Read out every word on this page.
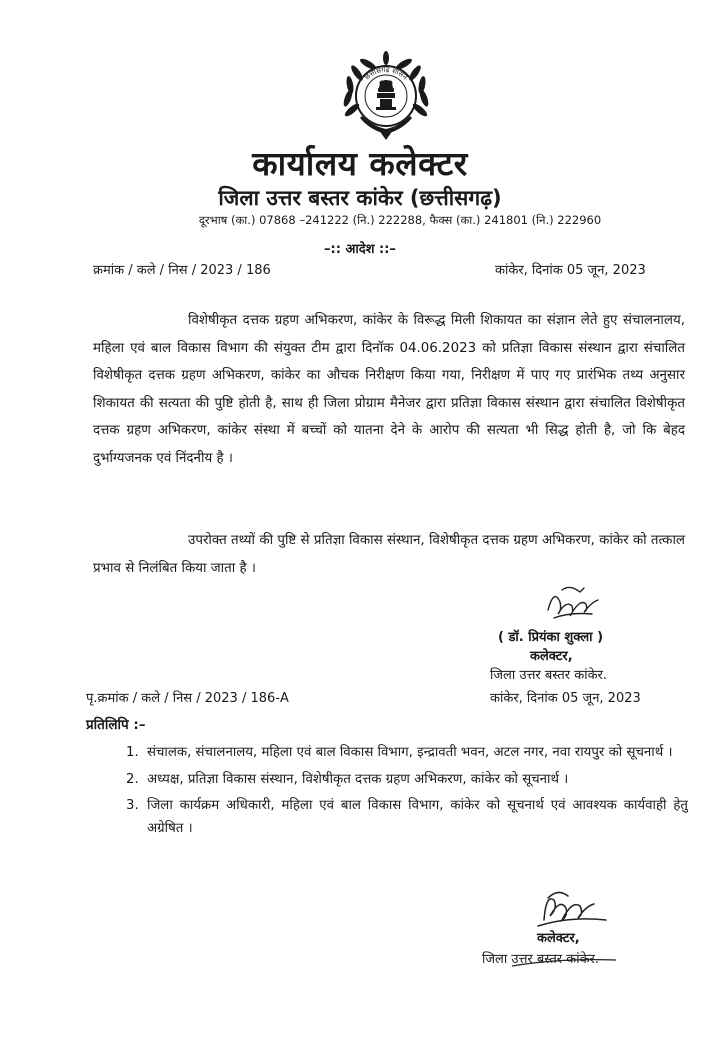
छत्तीसगढ़ शासन
कार्यालय कलेक्टर
जिला उत्तर बस्तर कांकेर (छत्तीसगढ़)
दूरभाष (का.) 07868 –241222 (नि.) 222288, फैक्स (का.) 241801 (नि.) 222960
–:: आदेश ::–
क्रमांक / कले / निस / 2023 / 186	कांकेर, दिनांक 05 जून, 2023
विशेषीकृत दत्तक ग्रहण अभिकरण, कांकेर के विरूद्ध मिली शिकायत का संज्ञान लेते हुए संचालनालय, महिला एवं बाल विकास विभाग की संयुक्त टीम द्वारा दिनॉक 04.06.2023 को प्रतिज्ञा विकास संस्थान द्वारा संचालित विशेषीकृत दत्तक ग्रहण अभिकरण, कांकेर का औचक निरीक्षण किया गया, निरीक्षण में पाए गए प्रारंभिक तथ्य अनुसार शिकायत की सत्यता की पुष्टि होती है, साथ ही जिला प्रोग्राम मैनेजर द्वारा प्रतिज्ञा विकास संस्थान द्वारा संचालित विशेषीकृत दत्तक ग्रहण अभिकरण, कांकेर संस्था में बच्चों को यातना देने के आरोप की सत्यता भी सिद्ध होती है, जो कि बेहद दुर्भाग्यजनक एवं निंदनीय है ।
उपरोक्त तथ्यों की पुष्टि से प्रतिज्ञा विकास संस्थान, विशेषीकृत दत्तक ग्रहण अभिकरण, कांकेर को तत्काल प्रभाव से निलंबित किया जाता है ।
( डॉ. प्रियंका शुक्ला )
कलेक्टर,
जिला उत्तर बस्तर कांकेर.
पृ.क्रमांक / कले / निस / 2023 / 186-A	कांकेर, दिनांक 05 जून, 2023
प्रतिलिपि :–
1. संचालक, संचालनालय, महिला एवं बाल विकास विभाग, इन्द्रावती भवन, अटल नगर, नवा रायपुर को सूचनार्थ ।
2. अध्यक्ष, प्रतिज्ञा विकास संस्थान, विशेषीकृत दत्तक ग्रहण अभिकरण, कांकेर को सूचनार्थ ।
3. जिला कार्यक्रम अधिकारी, महिला एवं बाल विकास विभाग, कांकेर को सूचनार्थ एवं आवश्यक कार्यवाही हेतु अग्रेषित ।
कलेक्टर,
जिला उत्तर बस्तर कांकेर.
